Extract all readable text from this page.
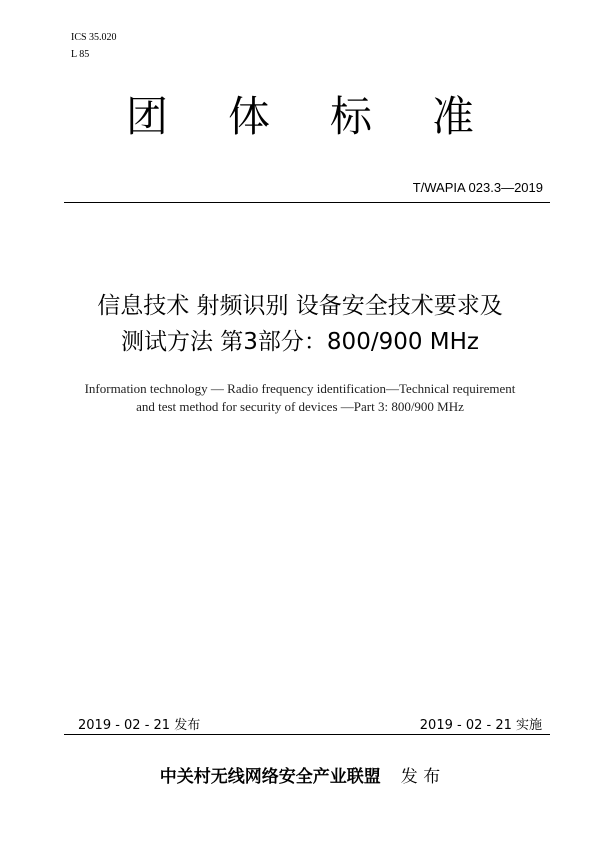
ICS 35.020
L 85
团 体 标 准
T/WAPIA 023.3—2019
信息技术 射频识别 设备安全技术要求及
测试方法 第3部分：800/900 MHz
Information technology — Radio frequency identification—Technical requirement
and test method for security of devices —Part 3: 800/900 MHz
2019 - 02 - 21 发布	2019 - 02 - 21 实施
中关村无线网络安全产业联盟 发 布
